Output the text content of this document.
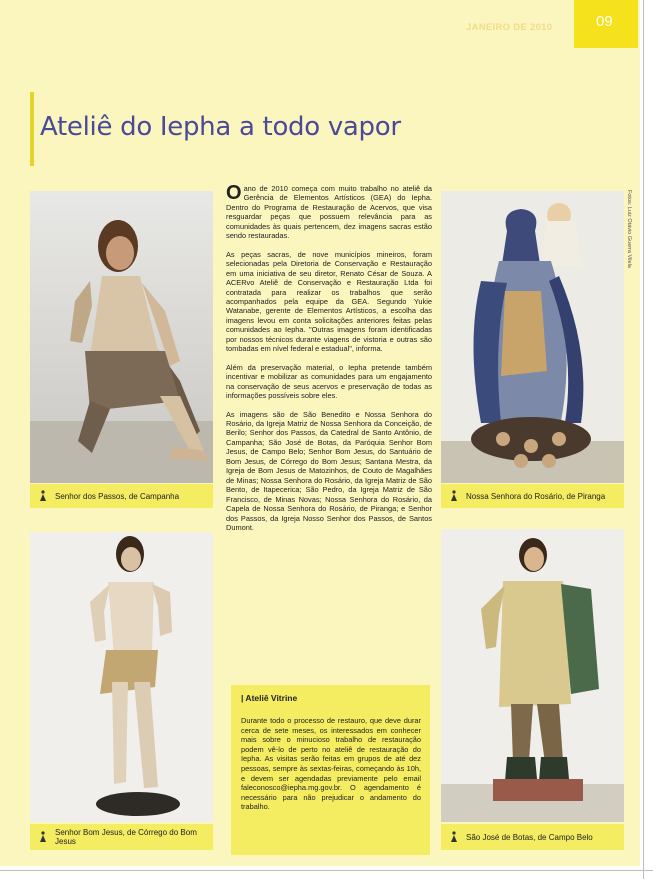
JANEIRO DE 2010	09
Ateliê do Iepha a todo vapor
Senhor dos Passos, de Campanha	Nossa Senhora do Rosário, de Piranga
Fotos: Luiz Otávio Guerra Vilela
Senhor Bom Jesus, de Córrego do Bom Jesus	São José de Botas, de Campo Belo

Oano de 2010 começa com muito trabalho no ateliê da Gerência de Elementos Artísticos (GEA) do Iepha. Dentro do Programa de Restauração de Acervos, que visa resguardar peças que possuem relevância para as comunidades às quais pertencem, dez imagens sacras estão sendo restauradas.

As peças sacras, de nove municípios mineiros, foram selecionadas pela Diretoria de Conservação e Restauração em uma iniciativa de seu diretor, Renato César de Souza. A ACERvo Ateliê de Conservação e Restauração Ltda foi contratada para realizar os trabalhos que serão acompanhados pela equipe da GEA. Segundo Yukie Watanabe, gerente de Elementos Artísticos, a escolha das imagens levou em conta solicitações anteriores feitas pelas comunidades ao Iepha. "Outras imagens foram identificadas por nossos técnicos durante viagens de vistoria e outras são tombadas em nível federal e estadual", informa.

Além da preservação material, o Iepha pretende também incentivar e mobilizar as comunidades para um engajamento na conservação de seus acervos e preservação de todas as informações possíveis sobre eles.

As imagens são de São Benedito e Nossa Senhora do Rosário, da Igreja Matriz de Nossa Senhora da Conceição, de Berilo; Senhor dos Passos, da Catedral de Santo Antônio, de Campanha; São José de Botas, da Paróquia Senhor Bom Jesus, de Campo Belo; Senhor Bom Jesus, do Santuário de Bom Jesus, de Córrego do Bom Jesus; Santana Mestra, da Igreja de Bom Jesus de Matozinhos, de Couto de Magalhães de Minas; Nossa Senhora do Rosário, da Igreja Matriz de São Bento, de Itapecerica; São Pedro, da Igreja Matriz de São Francisco, de Minas Novas; Nossa Senhora do Rosário, da Capela de Nossa Senhora do Rosário, de Piranga; e Senhor dos Passos, da Igreja Nosso Senhor dos Passos, de Santos Dumont.

| Ateliê Vitrine
Durante todo o processo de restauro, que deve durar cerca de sete meses, os interessados em conhecer mais sobre o minucioso trabalho de restauração podem vê-lo de perto no ateliê de restauração do Iepha. As visitas serão feitas em grupos de até dez pessoas, sempre às sextas-feiras, começando às 10h, e devem ser agendadas previamente pelo email faleconosco@iepha.mg.gov.br. O agendamento é necessário para não prejudicar o andamento do trabalho.
